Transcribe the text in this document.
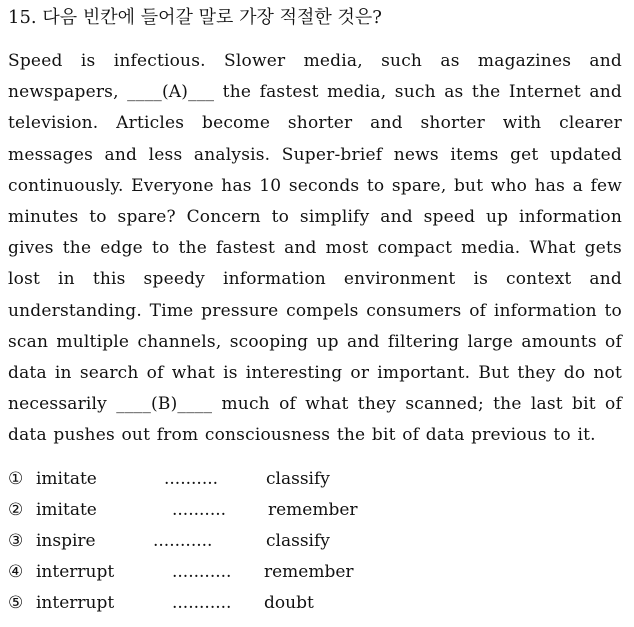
15. 다음 빈칸에 들어갈 말로 가장 적절한 것은?

Speed is infectious. Slower media, such as magazines and newspapers, ____(A)___ the fastest media, such as the Internet and television. Articles become shorter and shorter with clearer messages and less analysis. Super-brief news items get updated continuously. Everyone has 10 seconds to spare, but who has a few minutes to spare? Concern to simplify and speed up information gives the edge to the fastest and most compact media. What gets lost in this speedy information environment is context and understanding. Time pressure compels consumers of information to scan multiple channels, scooping up and filtering large amounts of data in search of what is interesting or important. But they do not necessarily ____(B)____ much of what they scanned; the last bit of data pushes out from consciousness the bit of data previous to it.

① imitate	..........	classify
② imitate	.......... remember
③ inspire	...........	classify
④ interrupt	........... remember
⑤ interrupt	........... doubt
